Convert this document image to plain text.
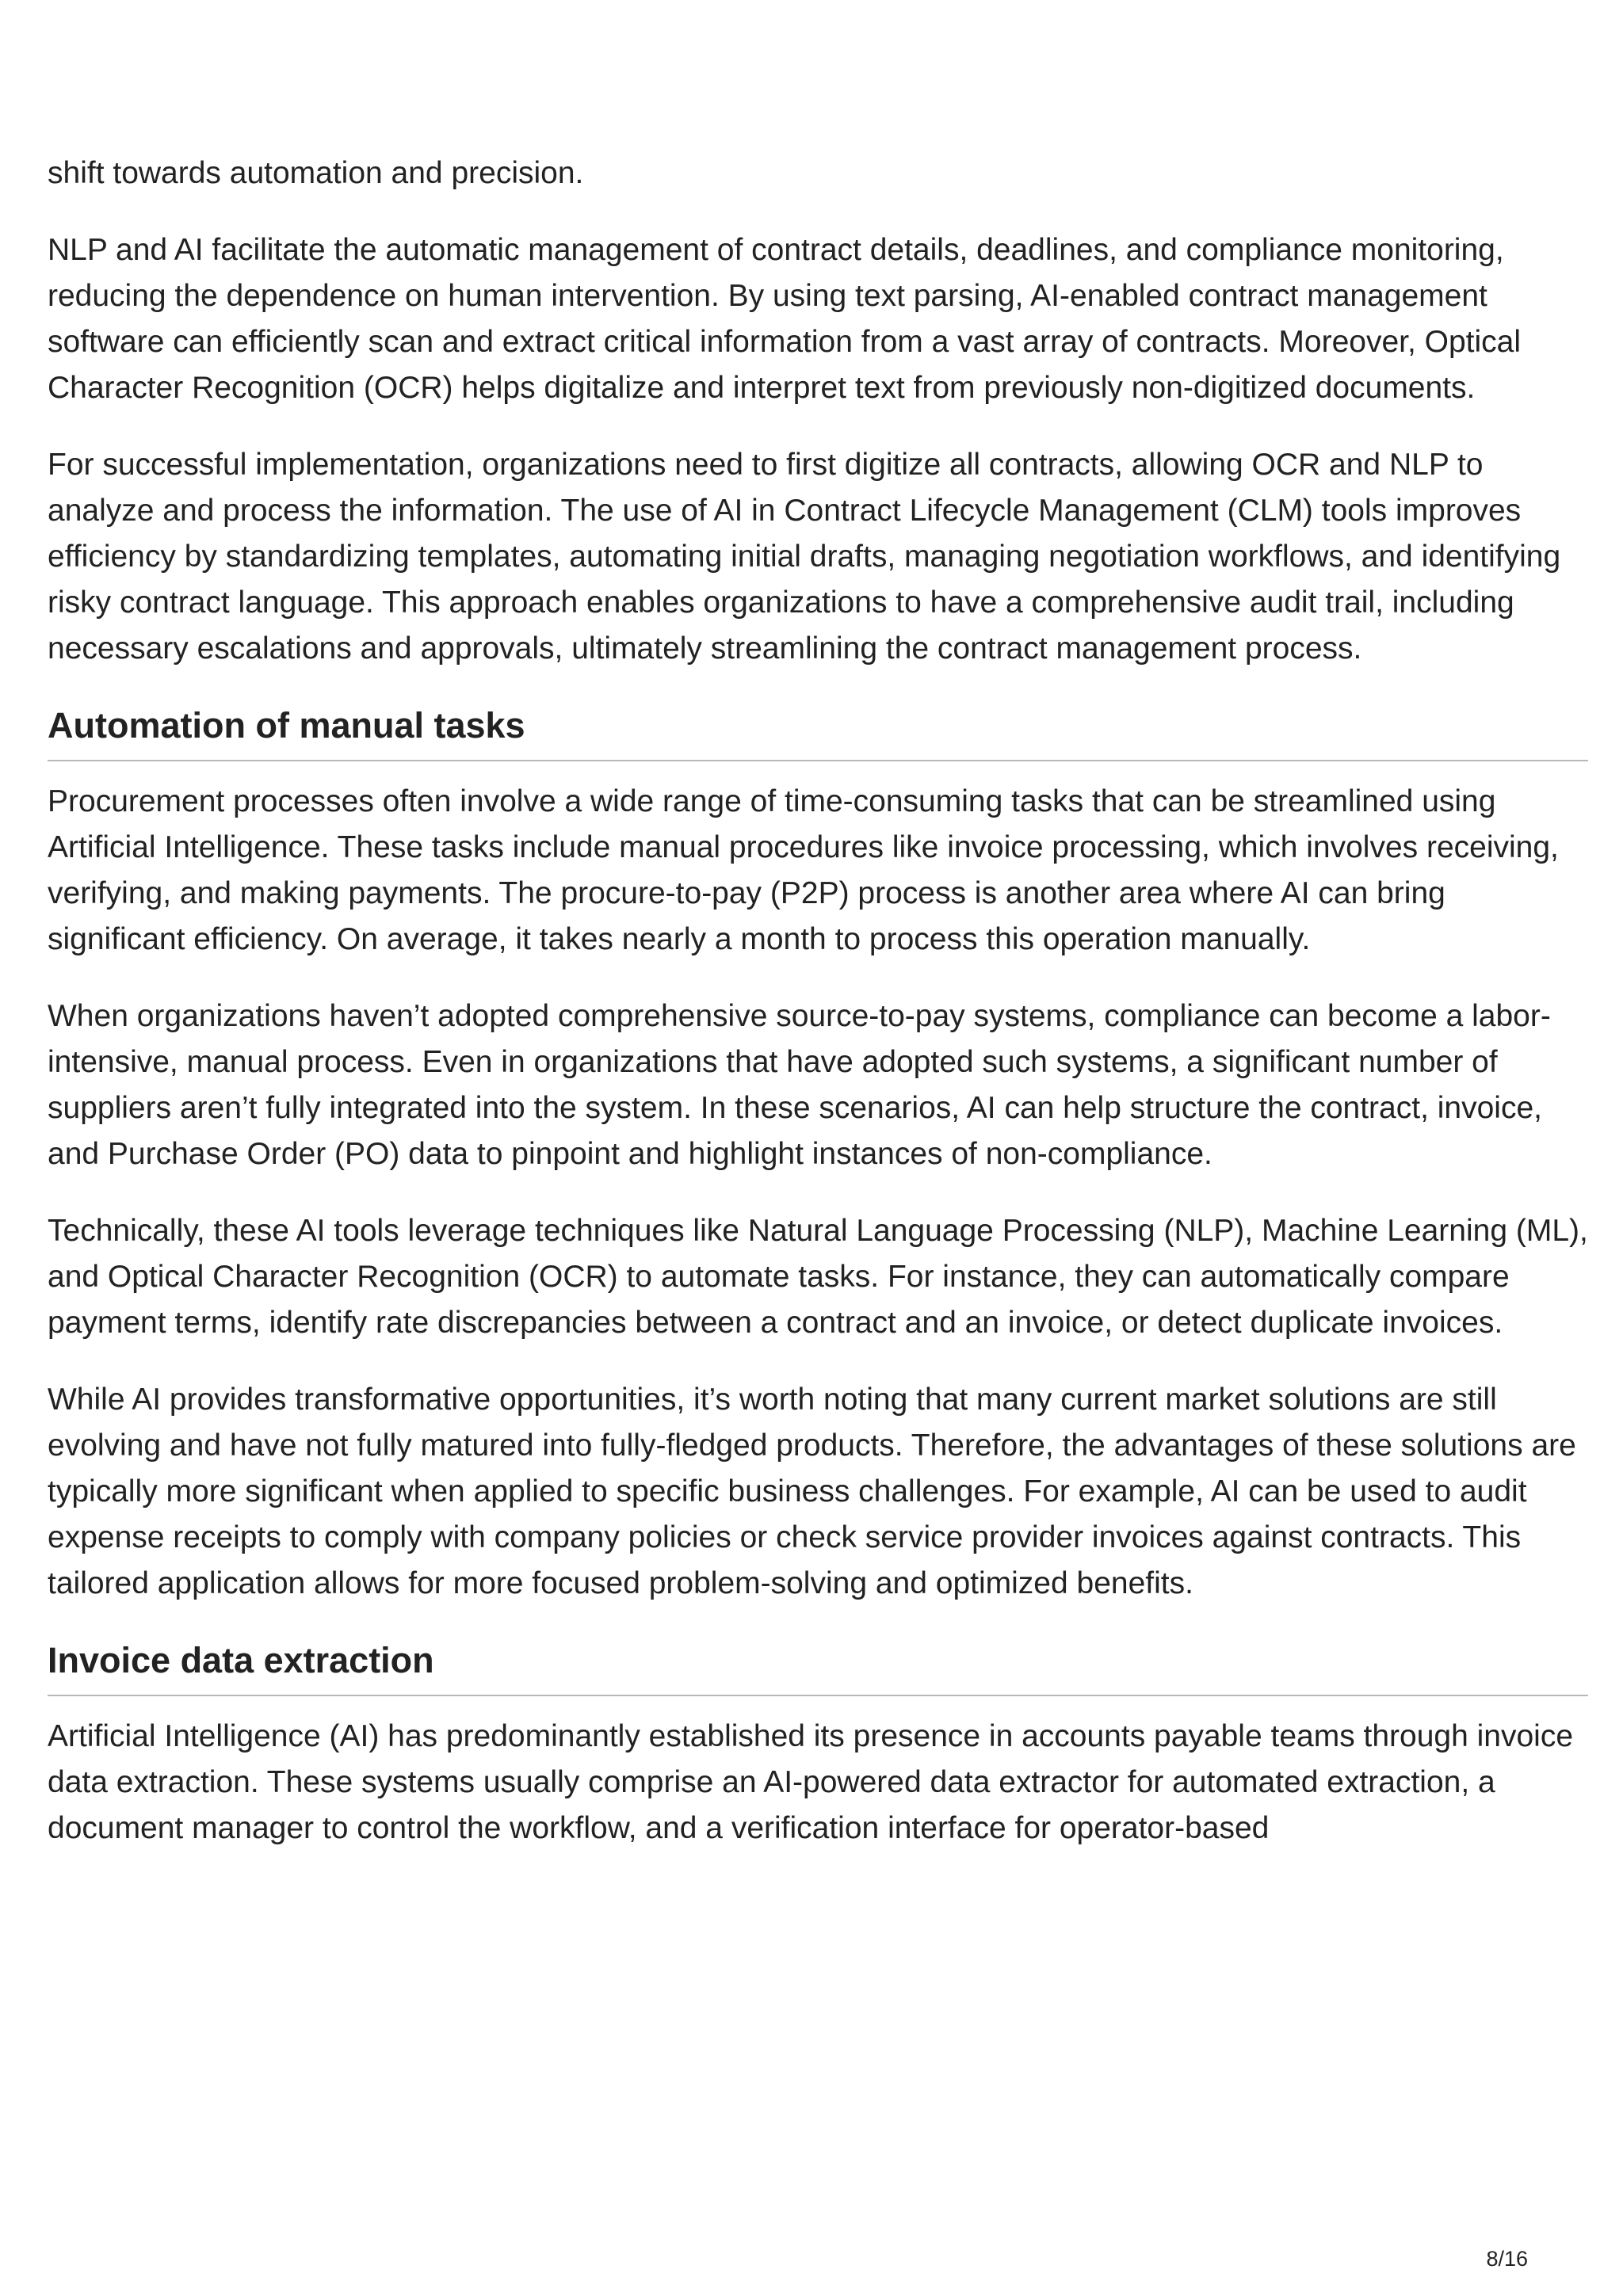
shift towards automation and precision.

NLP and AI facilitate the automatic management of contract details, deadlines, and compliance monitoring, reducing the dependence on human intervention. By using text parsing, AI-enabled contract management software can efficiently scan and extract critical information from a vast array of contracts. Moreover, Optical Character Recognition (OCR) helps digitalize and interpret text from previously non-digitized documents.

For successful implementation, organizations need to first digitize all contracts, allowing OCR and NLP to analyze and process the information. The use of AI in Contract Lifecycle Management (CLM) tools improves efficiency by standardizing templates, automating initial drafts, managing negotiation workflows, and identifying risky contract language. This approach enables organizations to have a comprehensive audit trail, including necessary escalations and approvals, ultimately streamlining the contract management process.

Automation of manual tasks

Procurement processes often involve a wide range of time-consuming tasks that can be streamlined using Artificial Intelligence. These tasks include manual procedures like invoice processing, which involves receiving, verifying, and making payments. The procure-to-pay (P2P) process is another area where AI can bring significant efficiency. On average, it takes nearly a month to process this operation manually.

When organizations haven’t adopted comprehensive source-to-pay systems, compliance can become a labor-intensive, manual process. Even in organizations that have adopted such systems, a significant number of suppliers aren’t fully integrated into the system. In these scenarios, AI can help structure the contract, invoice, and Purchase Order (PO) data to pinpoint and highlight instances of non-compliance.

Technically, these AI tools leverage techniques like Natural Language Processing (NLP), Machine Learning (ML), and Optical Character Recognition (OCR) to automate tasks. For instance, they can automatically compare payment terms, identify rate discrepancies between a contract and an invoice, or detect duplicate invoices.

While AI provides transformative opportunities, it’s worth noting that many current market solutions are still evolving and have not fully matured into fully-fledged products. Therefore, the advantages of these solutions are typically more significant when applied to specific business challenges. For example, AI can be used to audit expense receipts to comply with company policies or check service provider invoices against contracts. This tailored application allows for more focused problem-solving and optimized benefits.

Invoice data extraction

Artificial Intelligence (AI) has predominantly established its presence in accounts payable teams through invoice data extraction. These systems usually comprise an AI-powered data extractor for automated extraction, a document manager to control the workflow, and a verification interface for operator-based

8/16
